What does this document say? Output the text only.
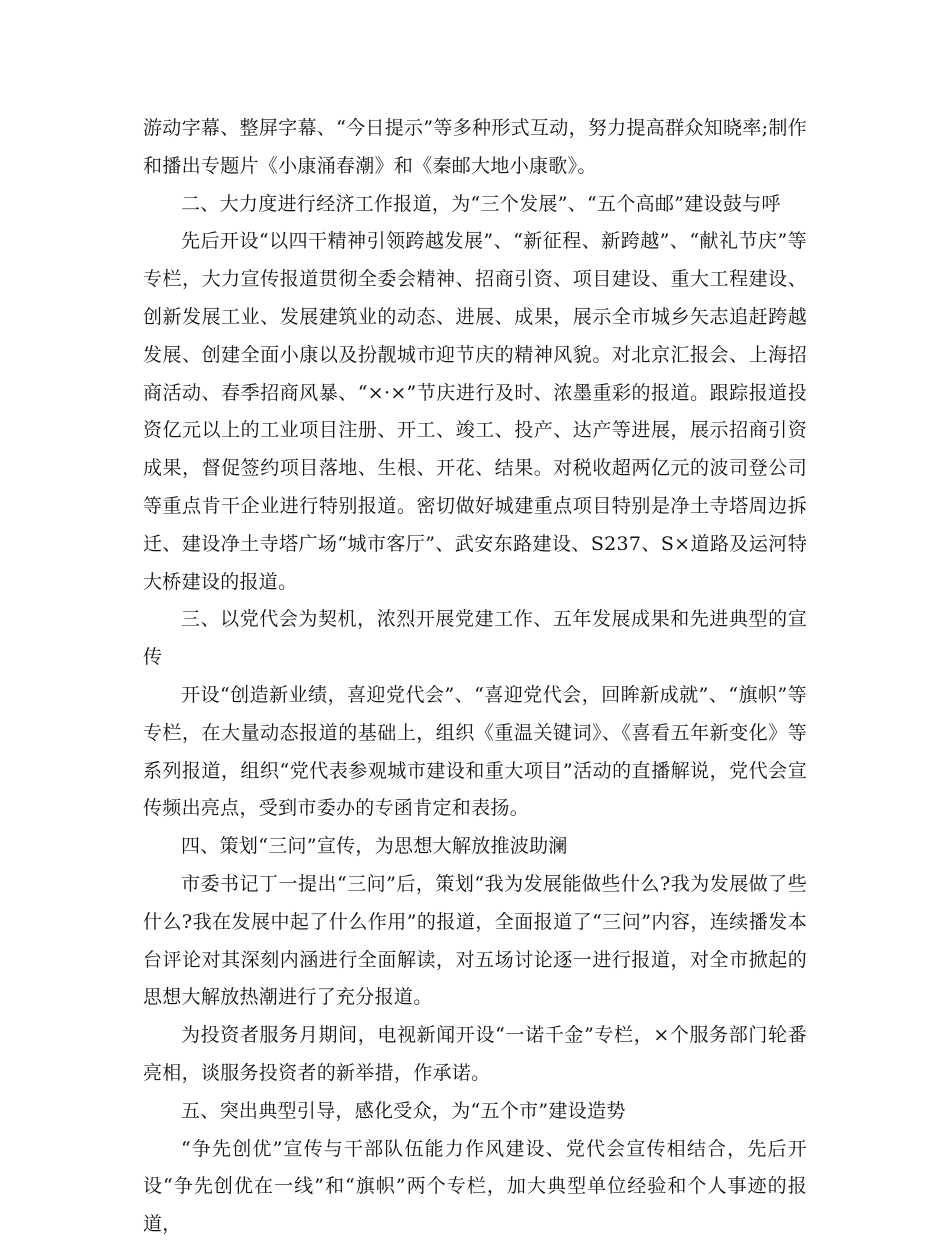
游动字幕、整屏字幕、“今日提示”等多种形式互动，努力提高群众知晓率;制作和播出专题片《小康涌春潮》和《秦邮大地小康歌》。

二、大力度进行经济工作报道，为“三个发展”、“五个高邮”建设鼓与呼

先后开设“以四干精神引领跨越发展”、“新征程、新跨越”、“献礼节庆”等专栏，大力宣传报道贯彻全委会精神、招商引资、项目建设、重大工程建设、创新发展工业、发展建筑业的动态、进展、成果，展示全市城乡矢志追赶跨越发展、创建全面小康以及扮靓城市迎节庆的精神风貌。对北京汇报会、上海招商活动、春季招商风暴、“×·×”节庆进行及时、浓墨重彩的报道。跟踪报道投资亿元以上的工业项目注册、开工、竣工、投产、达产等进展，展示招商引资成果，督促签约项目落地、生根、开花、结果。对税收超两亿元的波司登公司等重点肯干企业进行特别报道。密切做好城建重点项目特别是净土寺塔周边拆迁、建设净土寺塔广场“城市客厅”、武安东路建设、S237、S×道路及运河特大桥建设的报道。

三、以党代会为契机，浓烈开展党建工作、五年发展成果和先进典型的宣传

开设“创造新业绩，喜迎党代会”、“喜迎党代会，回眸新成就”、“旗帜”等专栏，在大量动态报道的基础上，组织《重温关键词》、《喜看五年新变化》等系列报道，组织“党代表参观城市建设和重大项目”活动的直播解说，党代会宣传频出亮点，受到市委办的专函肯定和表扬。

四、策划“三问”宣传，为思想大解放推波助澜

市委书记丁一提出“三问”后，策划“我为发展能做些什么?我为发展做了些什么?我在发展中起了什么作用”的报道，全面报道了“三问”内容，连续播发本台评论对其深刻内涵进行全面解读，对五场讨论逐一进行报道，对全市掀起的思想大解放热潮进行了充分报道。

为投资者服务月期间，电视新闻开设“一诺千金”专栏，×个服务部门轮番亮相，谈服务投资者的新举措，作承诺。

五、突出典型引导，感化受众，为“五个市”建设造势

“争先创优”宣传与干部队伍能力作风建设、党代会宣传相结合，先后开设“争先创优在一线”和“旗帜”两个专栏，加大典型单位经验和个人事迹的报道，
